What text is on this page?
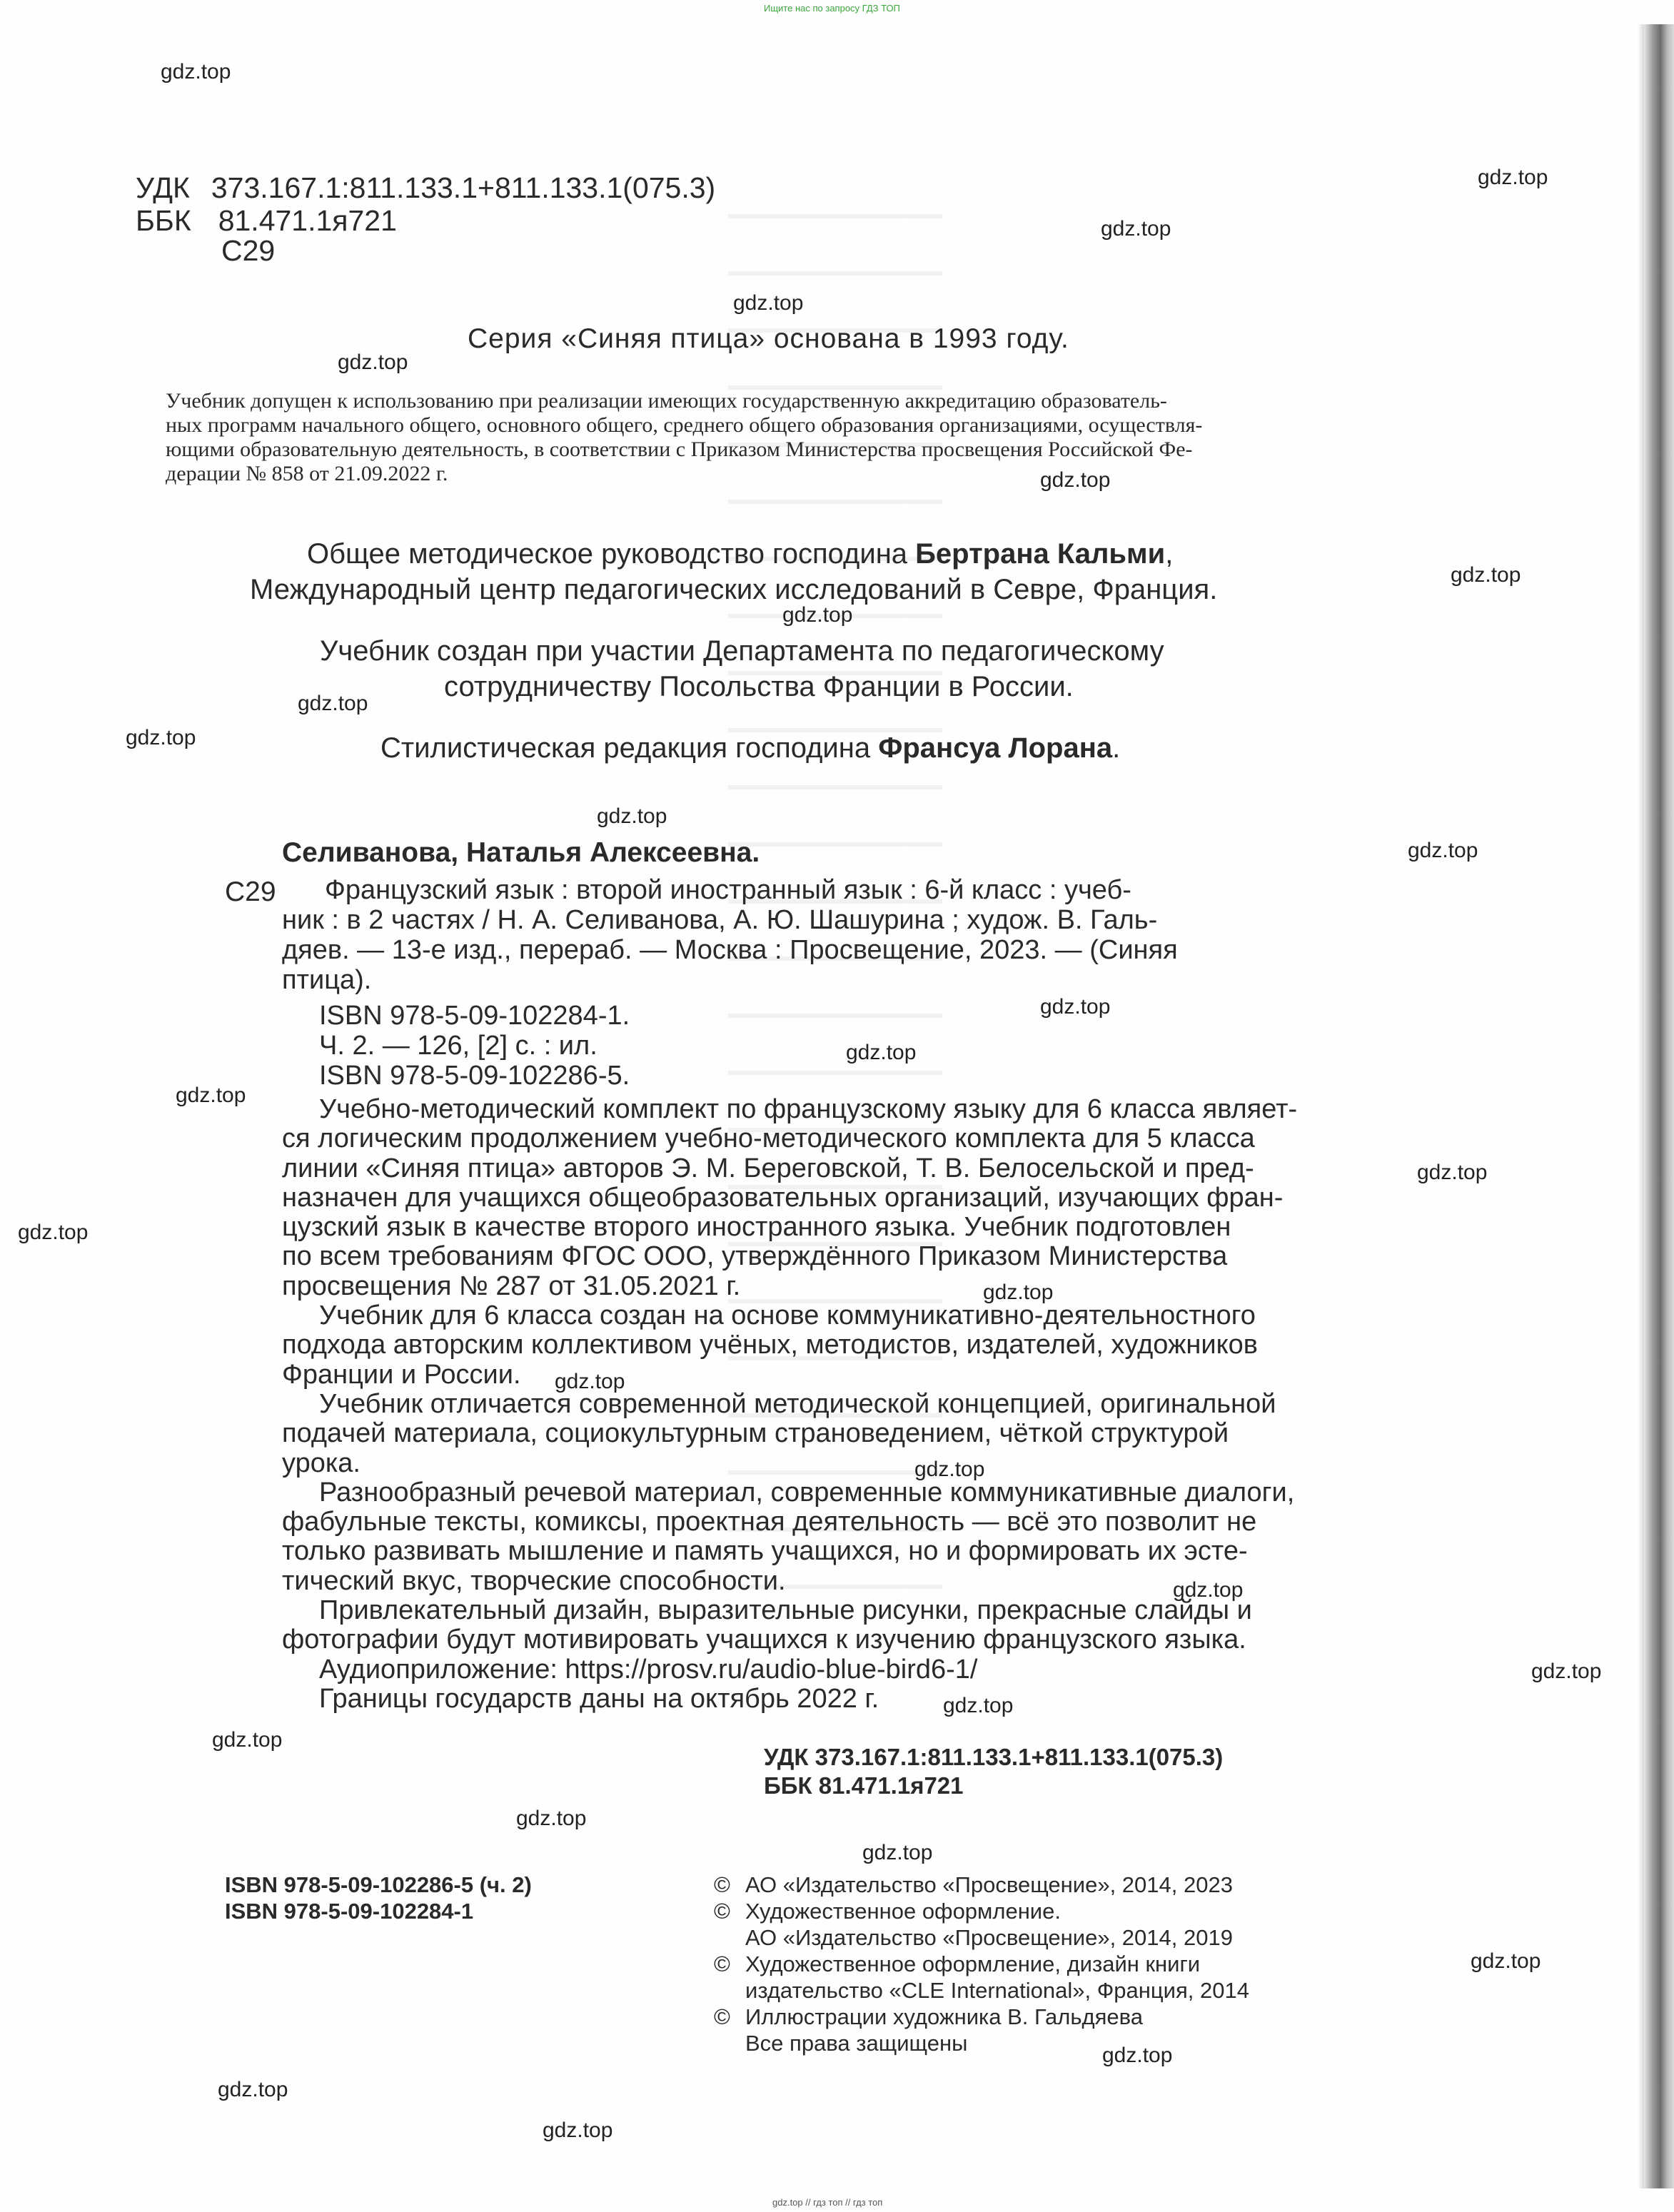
Ищите нас по запросу ГДЗ ТОП
gdz.top // гдз топ // гдз топ
УДК 373.167.1:811.133.1+811.133.1(075.3)
ББК 81.471.1я721
С29
Серия «Синяя птица» основана в 1993 году.
Учебник допущен к использованию при реализации имеющих государственную аккредитацию образователь-
ных программ начального общего, основного общего, среднего общего образования организациями, осуществля-
ющими образовательную деятельность, в соответствии с Приказом Министерства просвещения Российской Фе-
дерации № 858 от 21.09.2022 г.
Общее методическое руководство господина Бертрана Кальми,
Международный центр педагогических исследований в Севре, Франция.
Учебник создан при участии Департамента по педагогическому
сотрудничеству Посольства Франции в России.
Стилистическая редакция господина Франсуа Лорана.
Селиванова, Наталья Алексеевна.
С29 Французский язык : второй иностранный язык : 6-й класс : учеб-
ник : в 2 частях / Н. А. Селиванова, А. Ю. Шашурина ; худож. В. Галь-
дяев. — 13-е изд., перераб. — Москва : Просвещение, 2023. — (Синяя
птица).
ISBN 978-5-09-102284-1.
Ч. 2. — 126, [2] с. : ил.
ISBN 978-5-09-102286-5.
Учебно-методический комплект по французскому языку для 6 класса являет-
ся логическим продолжением учебно-методического комплекта для 5 класса
линии «Синяя птица» авторов Э. М. Береговской, Т. В. Белосельской и пред-
назначен для учащихся общеобразовательных организаций, изучающих фран-
цузский язык в качестве второго иностранного языка. Учебник подготовлен
по всем требованиям ФГОС ООО, утверждённого Приказом Министерства
просвещения № 287 от 31.05.2021 г.
Учебник для 6 класса создан на основе коммуникативно-деятельностного
подхода авторским коллективом учёных, методистов, издателей, художников
Франции и России.
Учебник отличается современной методической концепцией, оригинальной
подачей материала, социокультурным страноведением, чёткой структурой
урока.
Разнообразный речевой материал, современные коммуникативные диалоги,
фабульные тексты, комиксы, проектная деятельность — всё это позволит не
только развивать мышление и память учащихся, но и формировать их эсте-
тический вкус, творческие способности.
Привлекательный дизайн, выразительные рисунки, прекрасные слайды и
фотографии будут мотивировать учащихся к изучению французского языка.
Аудиоприложение: https://prosv.ru/audio-blue-bird6-1/
Границы государств даны на октябрь 2022 г.
УДК 373.167.1:811.133.1+811.133.1(075.3)
ББК 81.471.1я721
ISBN 978-5-09-102286-5 (ч. 2)
ISBN 978-5-09-102284-1
© АО «Издательство «Просвещение», 2014, 2023
© Художественное оформление.
АО «Издательство «Просвещение», 2014, 2019
© Художественное оформление, дизайн книги
издательство «CLE International», Франция, 2014
© Иллюстрации художника В. Гальдяева
Все права защищены
gdz.top
gdz.top
gdz.top
gdz.top
gdz.top
gdz.top
gdz.top
gdz.top
gdz.top
gdz.top
gdz.top
gdz.top
gdz.top
gdz.top
gdz.top
gdz.top
gdz.top
gdz.top
gdz.top
gdz.top
gdz.top
gdz.top
gdz.top
gdz.top
gdz.top
gdz.top
gdz.top
gdz.top
gdz.top
gdz.top
